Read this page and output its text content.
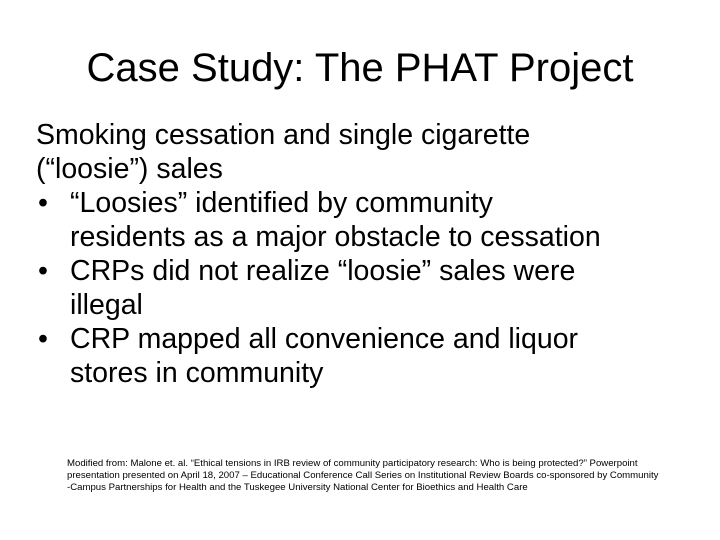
Case Study: The PHAT Project

Smoking cessation and single cigarette
(“loosie”) sales

• “Loosies” identified by community
residents as a major obstacle to cessation
• CRPs did not realize “loosie” sales were
illegal
• CRP mapped all convenience and liquor
stores in community

Modified from: Malone et. al. “Ethical tensions in IRB review of community participatory research: Who is being protected?” Powerpoint
presentation presented on April 18, 2007 – Educational Conference Call Series on Institutional Review Boards co-sponsored by Community
-Campus Partnerships for Health and the Tuskegee University National Center for Bioethics and Health Care
